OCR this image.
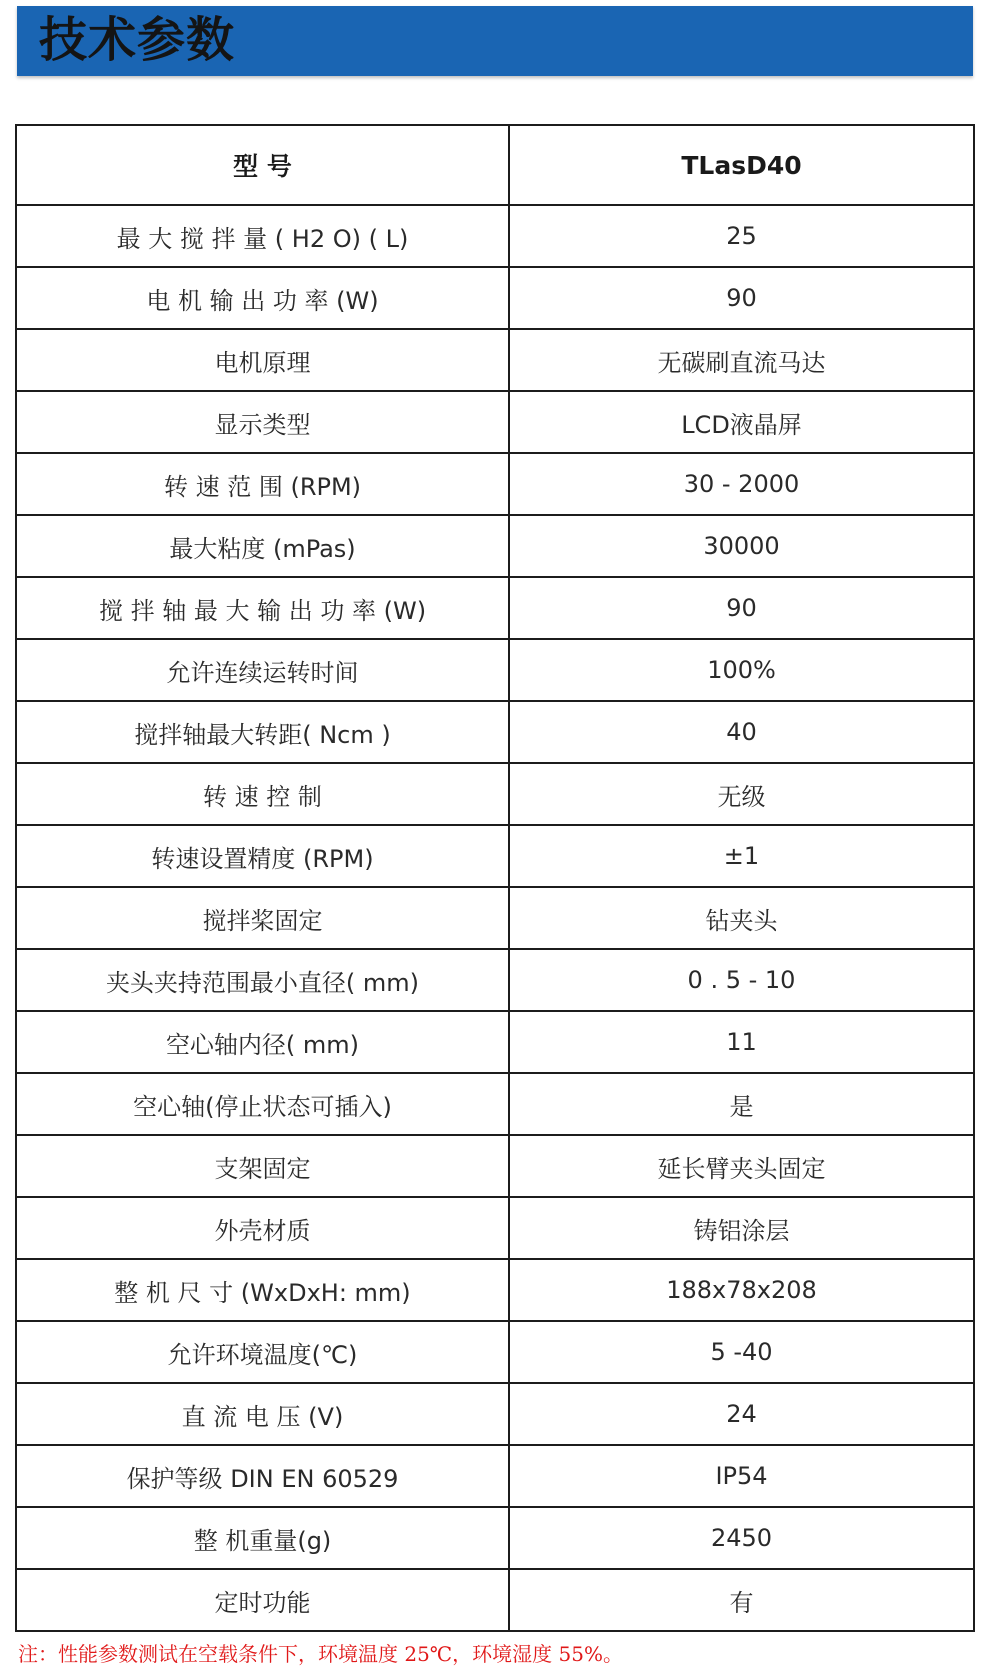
技术参数
型 号	TLasD40
最 大 搅 拌 量 ( H2 O) ( L)	25
电 机 输 出 功 率 (W)	90
电机原理	无碳刷直流马达
显示类型	LCD液晶屏
转 速 范 围 (RPM)	30 - 2000
最大粘度 (mPas)	30000
搅 拌 轴 最 大 输 出 功 率 (W)	90
允许连续运转时间	100%
搅拌轴最大转距( Ncm )	40
转 速 控 制	无级
转速设置精度 (RPM)	±1
搅拌桨固定	钻夹头
夹头夹持范围最小直径( mm)	0 . 5 - 10
空心轴内径( mm)	11
空心轴(停止状态可插入)	是
支架固定	延长臂夹头固定
外壳材质	铸铝涂层
整 机 尺 寸 (WxDxH: mm)	188x78x208
允许环境温度(℃)	5 -40
直 流 电 压 (V)	24
保护等级 DIN EN 60529	IP54
整 机重量(g)	2450
定时功能	有
注：性能参数测试在空载条件下，环境温度 25℃，环境湿度 55%。
